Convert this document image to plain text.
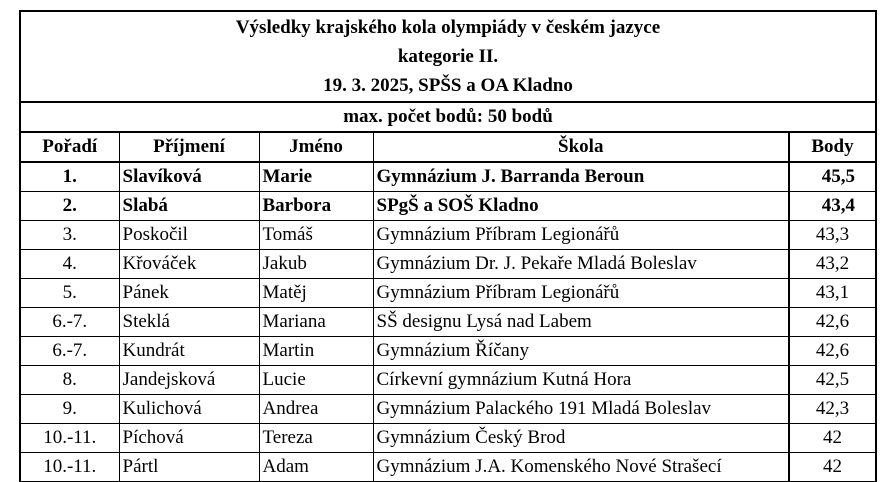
Výsledky krajského kola olympiády v českém jazyce
kategorie II.
19. 3. 2025, SPŠS a OA Kladno
max. počet bodů: 50 bodů
Pořadí	Příjmení	Jméno	Škola	Body
1.	Slavíková	Marie	Gymnázium J. Barranda Beroun	45,5
2.	Slabá	Barbora	SPgŠ a SOŠ Kladno	43,4
3.	Poskočil	Tomáš	Gymnázium Příbram Legionářů	43,3
4.	Křováček	Jakub	Gymnázium Dr. J. Pekaře Mladá Boleslav	43,2
5.	Pánek	Matěj	Gymnázium Příbram Legionářů	43,1
6.-7.	Steklá	Mariana	SŠ designu Lysá nad Labem	42,6
6.-7.	Kundrát	Martin	Gymnázium Říčany	42,6
8.	Jandejsková	Lucie	Církevní gymnázium Kutná Hora	42,5
9.	Kulichová	Andrea	Gymnázium Palackého 191 Mladá Boleslav	42,3
10.-11.	Píchová	Tereza	Gymnázium Český Brod	42
10.-11.	Pártl	Adam	Gymnázium J.A. Komenského Nové Strašecí	42
